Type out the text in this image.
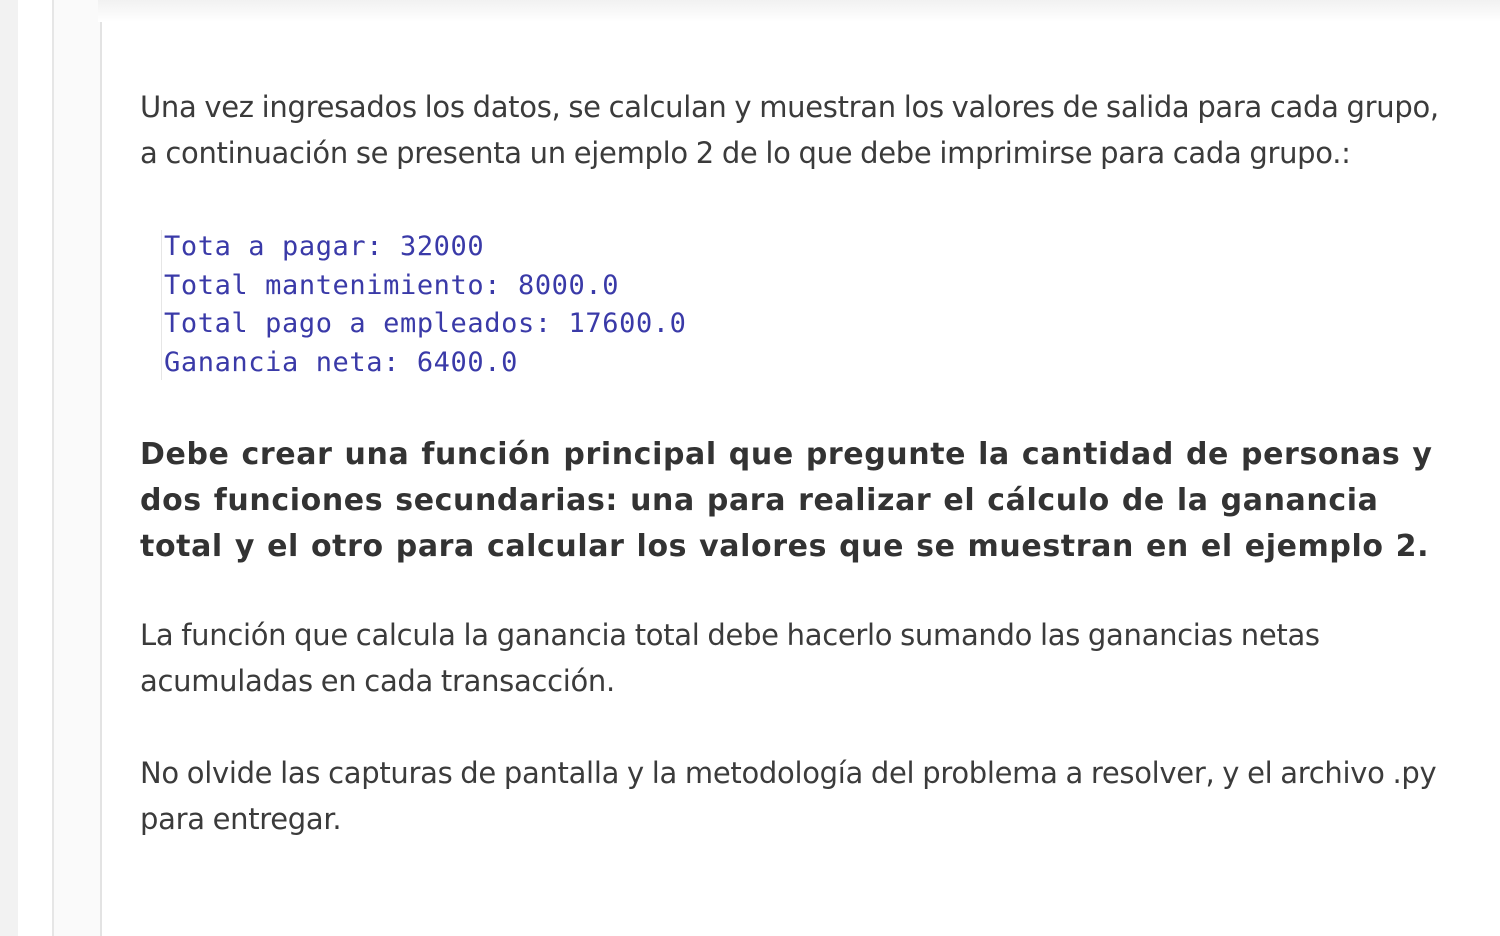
Una vez ingresados los datos, se calculan y muestran los valores de salida para cada grupo, a continuación se presenta un ejemplo 2 de lo que debe imprimirse para cada grupo.:

Tota a pagar: 32000
Total mantenimiento: 8000.0
Total pago a empleados: 17600.0
Ganancia neta: 6400.0

Debe crear una función principal que pregunte la cantidad de personas y dos funciones secundarias: una para realizar el cálculo de la ganancia total y el otro para calcular los valores que se muestran en el ejemplo 2.

La función que calcula la ganancia total debe hacerlo sumando las ganancias netas acumuladas en cada transacción.

No olvide las capturas de pantalla y la metodología del problema a resolver, y el archivo .py para entregar.
